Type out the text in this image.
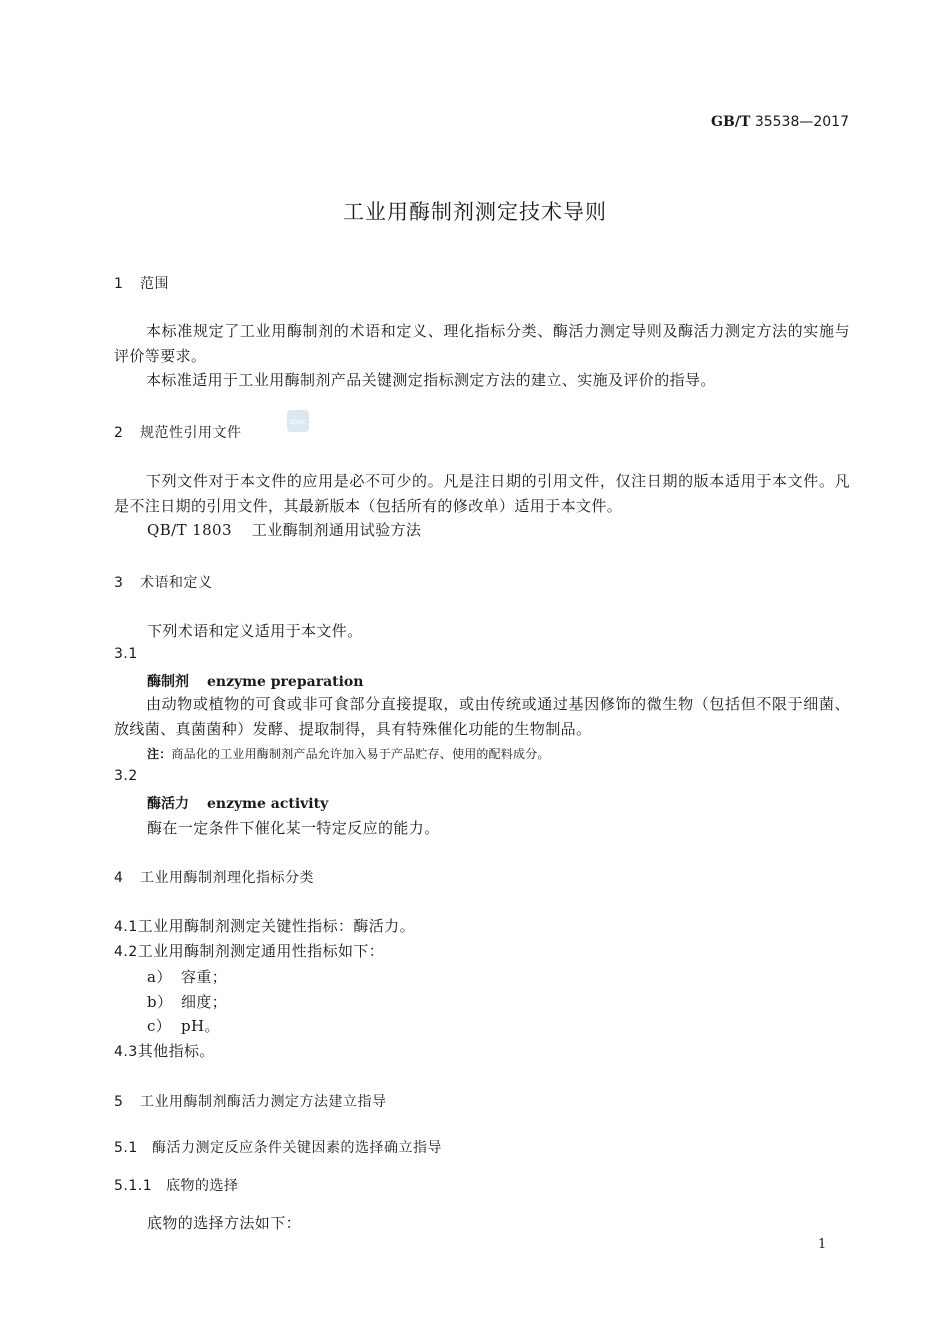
GB/T 35538—2017
工业用酶制剂测定技术导则
1 范围
本标准规定了工业用酶制剂的术语和定义、理化指标分类、酶活力测定导则及酶活力测定方法的实施与评价等要求。
本标准适用于工业用酶制剂产品关键测定指标测定方法的建立、实施及评价的指导。
2 规范性引用文件
SDAC
下列文件对于本文件的应用是必不可少的。凡是注日期的引用文件，仅注日期的版本适用于本文件。凡是不注日期的引用文件，其最新版本（包括所有的修改单）适用于本文件。
QB/T 1803 工业酶制剂通用试验方法
3 术语和定义
下列术语和定义适用于本文件。
3.1
酶制剂 enzyme preparation
由动物或植物的可食或非可食部分直接提取，或由传统或通过基因修饰的微生物（包括但不限于细菌、放线菌、真菌菌种）发酵、提取制得，具有特殊催化功能的生物制品。
注：商品化的工业用酶制剂产品允许加入易于产品贮存、使用的配料成分。
3.2
酶活力 enzyme activity
酶在一定条件下催化某一特定反应的能力。
4 工业用酶制剂理化指标分类
4.1工业用酶制剂测定关键性指标：酶活力。
4.2工业用酶制剂测定通用性指标如下：
a） 容重；
b） 细度；
c） pH。
4.3其他指标。
5 工业用酶制剂酶活力测定方法建立指导
5.1 酶活力测定反应条件关键因素的选择确立指导
5.1.1 底物的选择
底物的选择方法如下：
1
